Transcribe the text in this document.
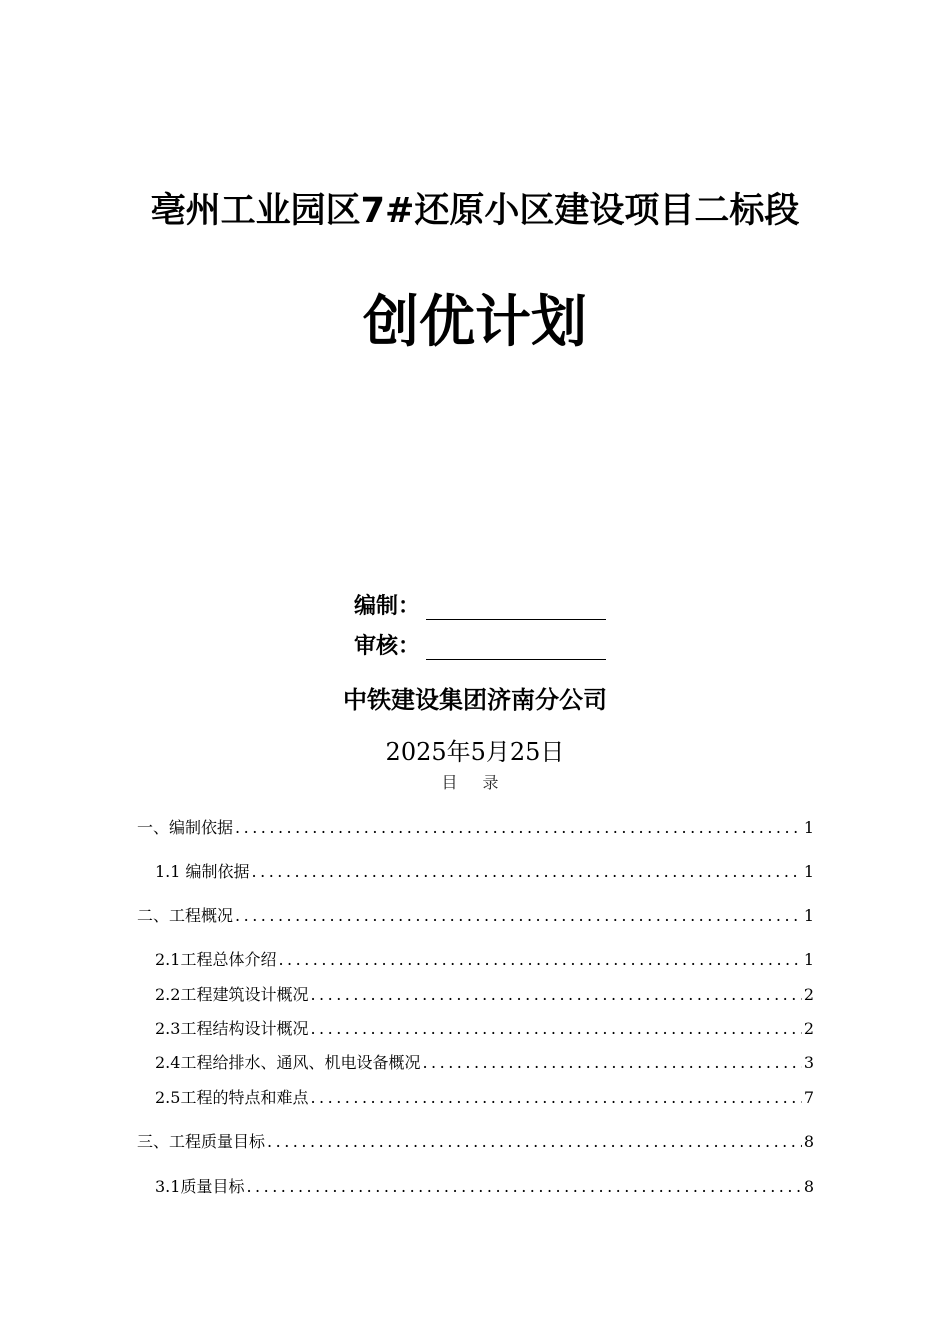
亳州工业园区7#还原小区建设项目二标段
创优计划
编制：
审核：
中铁建设集团济南分公司
2025年5月25日
目 录
一、编制依据 .....	1
1.1 编制依据 .....	1
二、工程概况 .....	1
2.1工程总体介绍 .....	1
2.2工程建筑设计概况 .....	2
2.3工程结构设计概况 .....	2
2.4工程给排水、通风、机电设备概况 .....	3
2.5工程的特点和难点 .....	7
三、工程质量目标 .....	8
3.1质量目标 .....	8
